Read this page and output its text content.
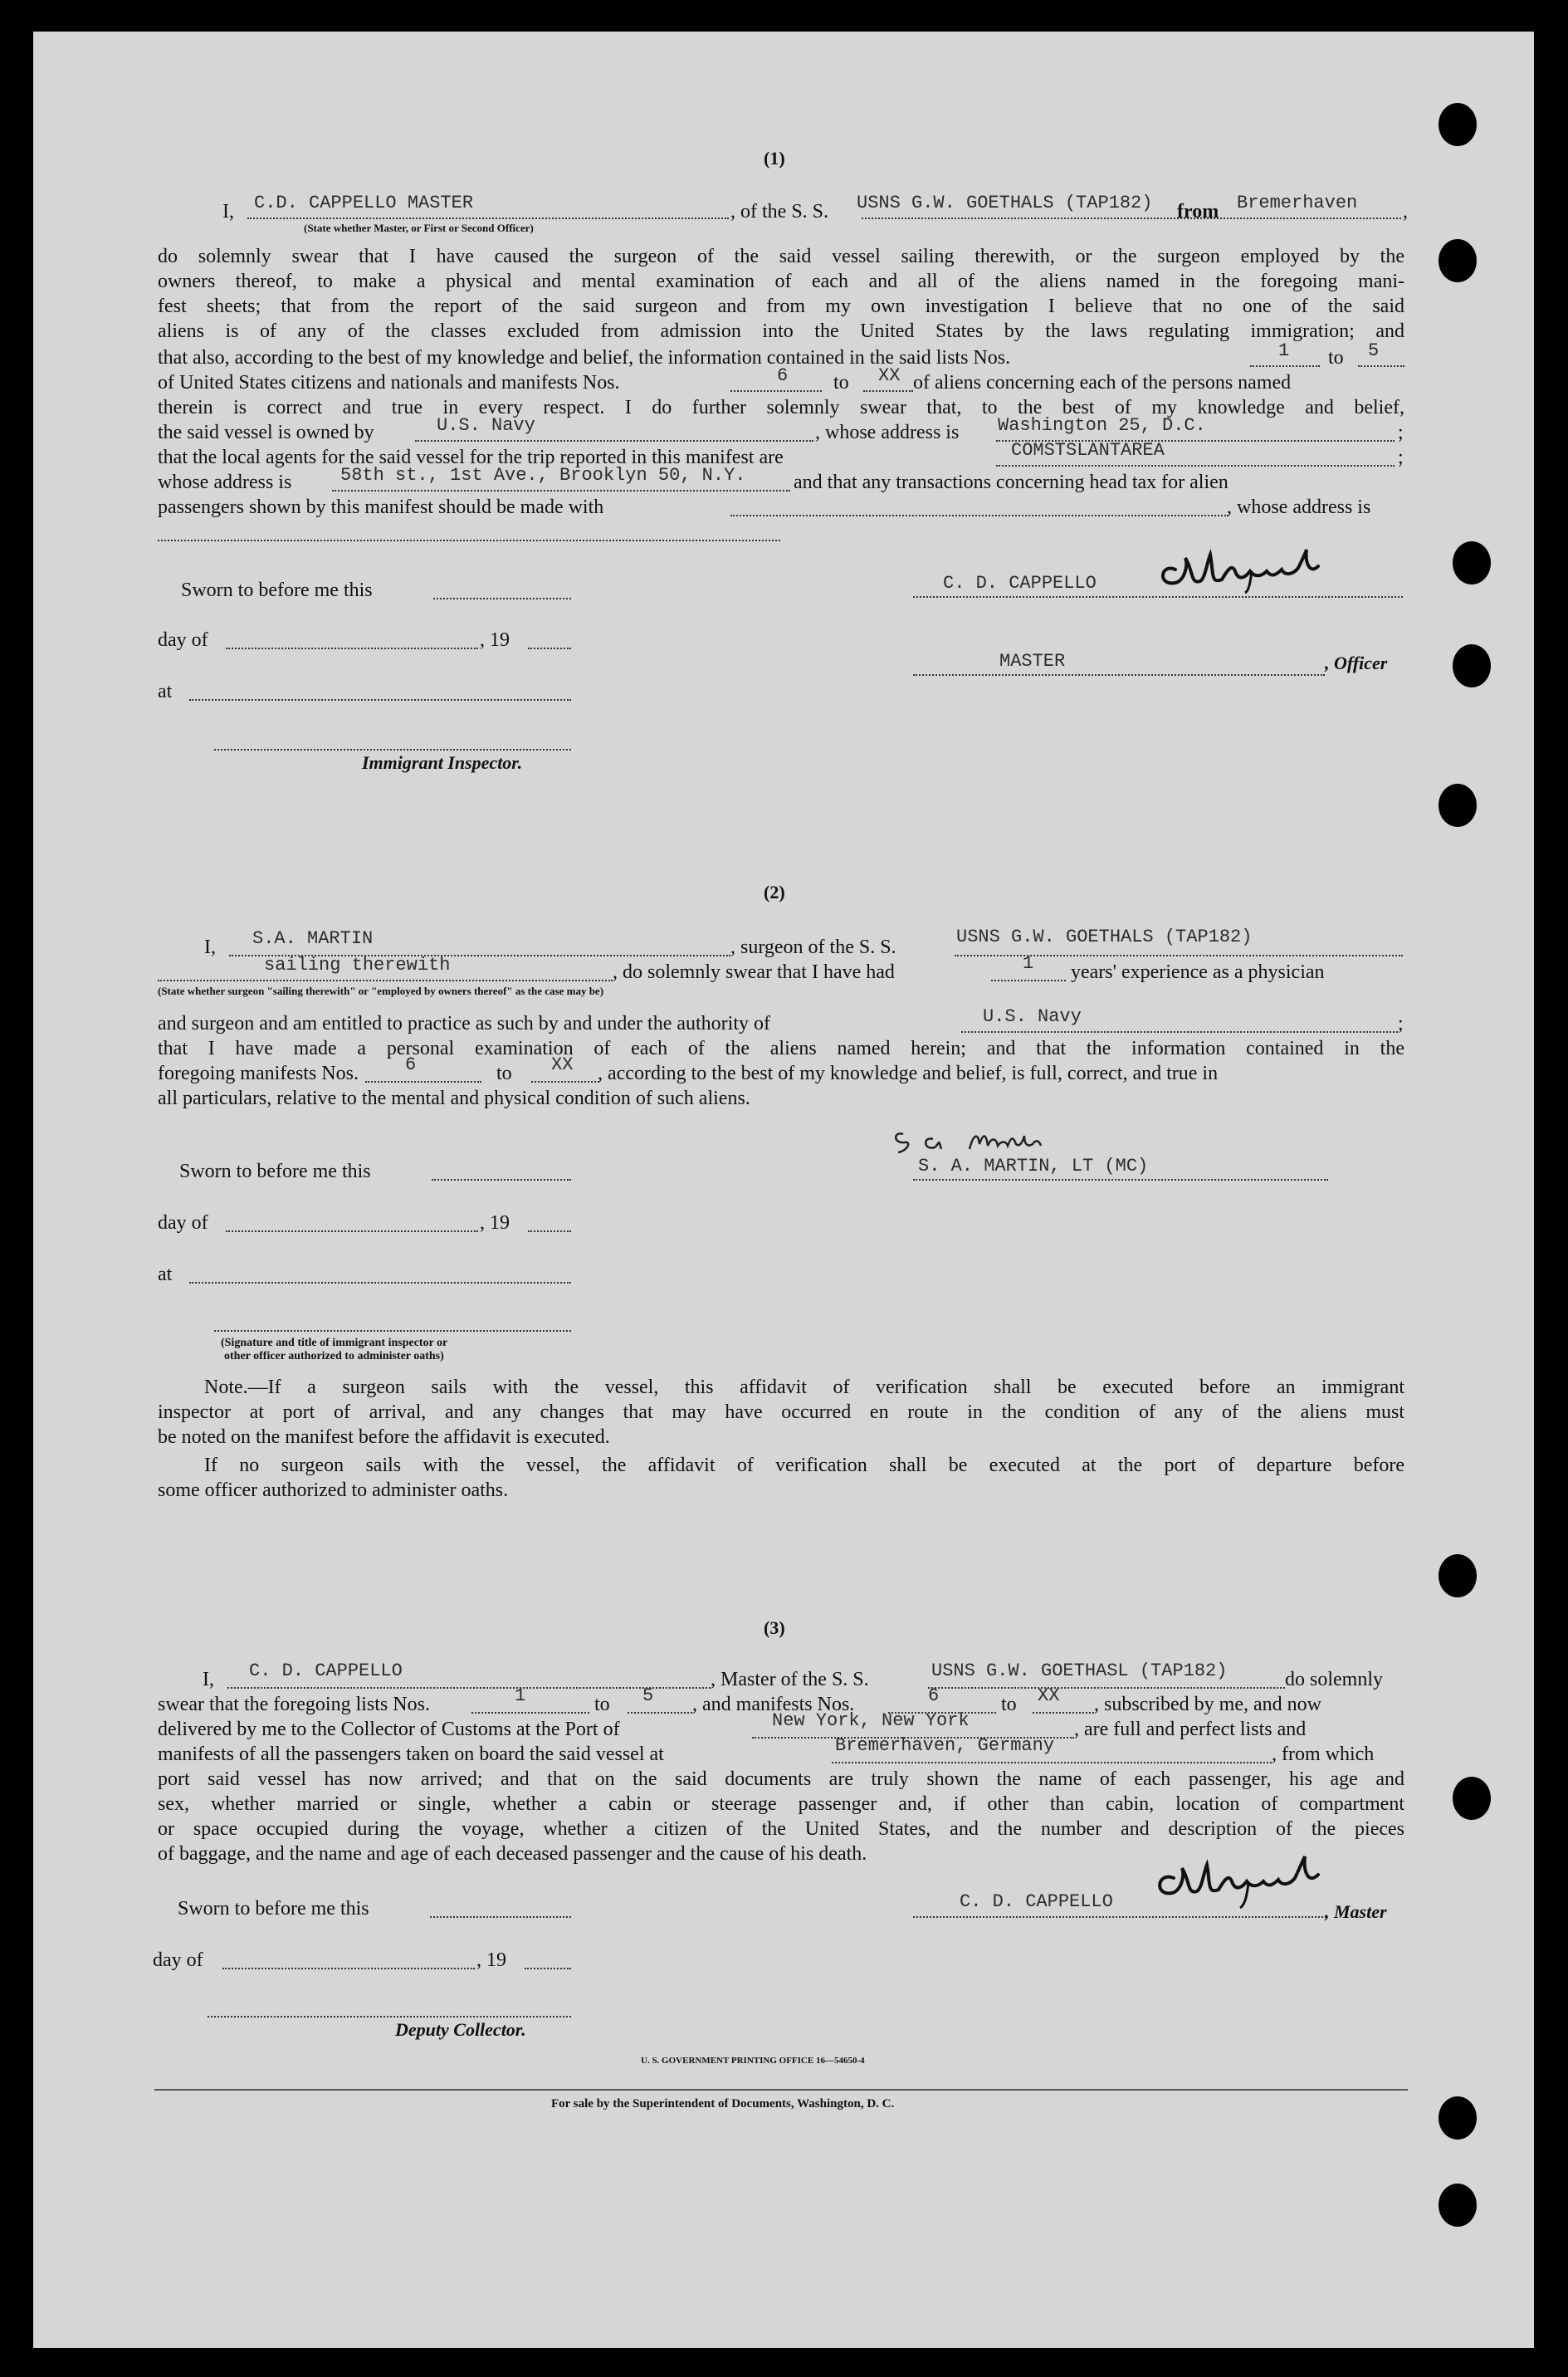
(1)
I, C.D. CAPPELLO MASTER	, of the S. S. USNS G.W. GOETHALS (TAP182) from Bremerhaven ,
(State whether Master, or First or Second Officer)
do solemnly swear that I have caused the surgeon of the said vessel sailing therewith, or the surgeon employed by the
owners thereof, to make a physical and mental examination of each and all of the aliens named in the foregoing mani-
fest sheets; that from the report of the said surgeon and from my own investigation I believe that no one of the said
aliens is of any of the classes excluded from admission into the United States by the laws regulating immigration; and
that also, according to the best of my knowledge and belief, the information contained in the said lists Nos.	1 to 5
of United States citizens and nationals and manifests Nos.	6 to XX of aliens concerning each of the persons named
therein is correct and true in every respect. I do further solemnly swear that, to the best of my knowledge and belief,
the said vessel is owned by	U.S. Navy	, whose address is Washington 25, D.C.	;
that the local agents for the said vessel for the trip reported in this manifest are	COMSTSLANTAREA	;
whose address is	58th st., 1st Ave., Brooklyn 50, N.Y. and that any transactions concerning head tax for alien
passengers shown by this manifest should be made with	, whose address is
Sworn to before me this
day of	, 19
at
Immigrant Inspector.
C. D. CAPPELLO
MASTER	, Officer
(2)
I, S.A. MARTIN	, surgeon of the S. S.	USNS G.W. GOETHALS (TAP182)
sailing therewith	, do solemnly swear that I have had	1 years' experience as a physician
(State whether surgeon "sailing therewith" or "employed by owners thereof" as the case may be)
and surgeon and am entitled to practice as such by and under the authority of	U.S. Navy	;
that I have made a personal examination of each of the aliens named herein; and that the information contained in the
foregoing manifests Nos.	6	to XX , according to the best of my knowledge and belief, is full, correct, and true in
all particulars, relative to the mental and physical condition of such aliens.
Sworn to before me this
day of	, 19
at
(Signature and title of immigrant inspector or
other officer authorized to administer oaths)
S. A. MARTIN, LT (MC)
Note.—If a surgeon sails with the vessel, this affidavit of verification shall be executed before an immigrant
inspector at port of arrival, and any changes that may have occurred en route in the condition of any of the aliens must
be noted on the manifest before the affidavit is executed.
If no surgeon sails with the vessel, the affidavit of verification shall be executed at the port of departure before
some officer authorized to administer oaths.
(3)
I, C. D. CAPPELLO	, Master of the S. S.	USNS G.W. GOETHASL (TAP182)	do solemnly
swear that the foregoing lists Nos.	1	to 5 , and manifests Nos.	6	to XX , subscribed by me, and now
delivered by me to the Collector of Customs at the Port of	New York, New York	, are full and perfect lists and
manifests of all the passengers taken on board the said vessel at	Bremerhaven, Germany	, from which
port said vessel has now arrived; and that on the said documents are truly shown the name of each passenger, his age and
sex, whether married or single, whether a cabin or steerage passenger and, if other than cabin, location of compartment
or space occupied during the voyage, whether a citizen of the United States, and the number and description of the pieces
of baggage, and the name and age of each deceased passenger and the cause of his death.
Sworn to before me this
day of	, 19
Deputy Collector.
C. D. CAPPELLO	, Master
U. S. GOVERNMENT PRINTING OFFICE 16—54650-4
For sale by the Superintendent of Documents, Washington, D. C.
